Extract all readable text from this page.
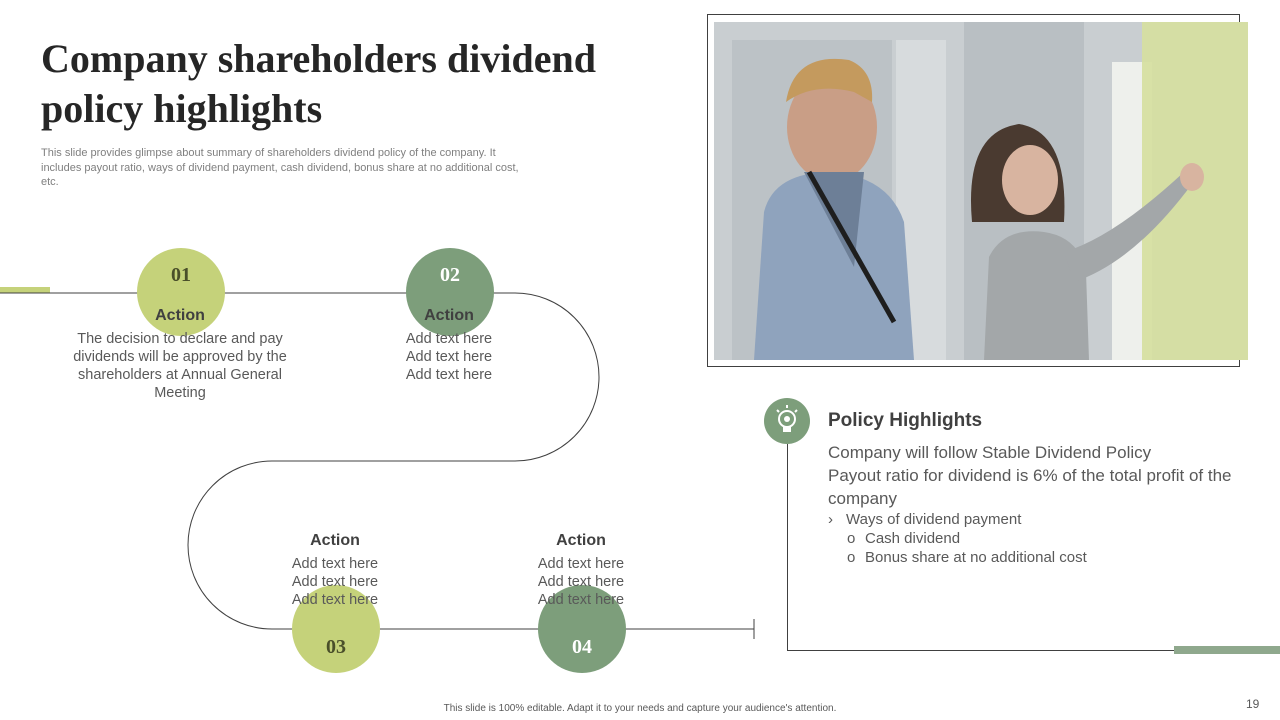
Company shareholders dividend policy highlights
This slide provides glimpse about summary of shareholders dividend policy of the company. It includes payout ratio, ways of dividend payment, cash dividend, bonus share at no additional cost, etc.
01	02
03	04
Action
The decision to declare and pay dividends will be approved by the shareholders at Annual General Meeting
Action
Add text here
Add text here
Add text here
Action
Add text here
Add text here
Add text here
Action
Add text here
Add text here
Add text here
Policy Highlights
Company will follow Stable Dividend Policy
Payout ratio for dividend is 6% of the total profit of the company
› Ways of dividend payment
o Cash dividend
o Bonus share at no additional cost
This slide is 100% editable. Adapt it to your needs and capture your audience's attention.	19
